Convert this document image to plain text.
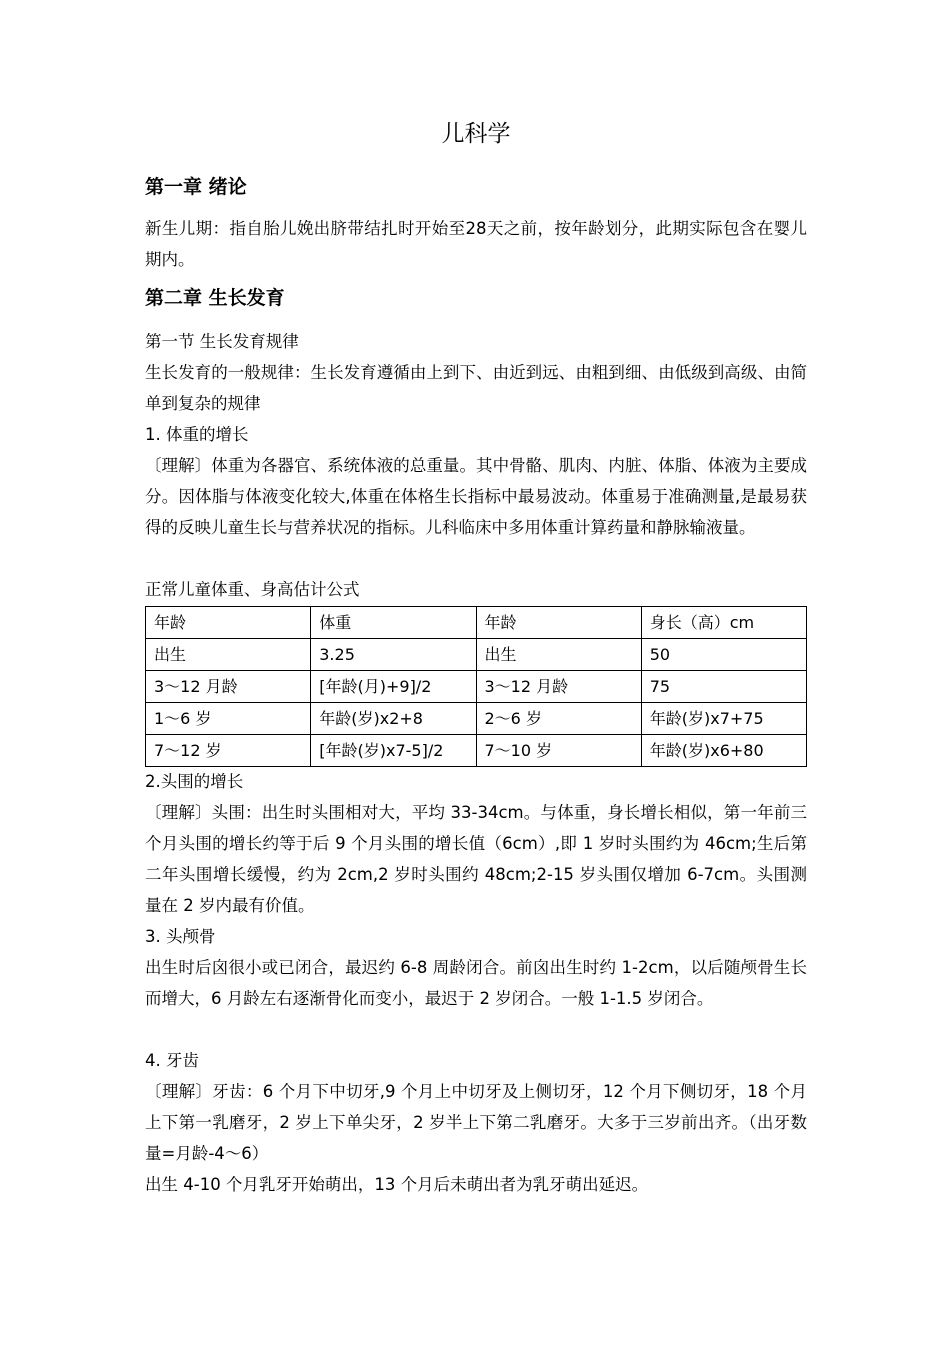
儿科学
第一章 绪论

新生儿期：指自胎儿娩出脐带结扎时开始至28天之前，按年龄划分，此期实际包含在婴儿期内。

第二章 生长发育
第一节 生长发育规律

生长发育的一般规律：生长发育遵循由上到下、由近到远、由粗到细、由低级到高级、由简单到复杂的规律

1. 体重的增长

〔理解〕体重为各器官、系统体液的总重量。其中骨骼、肌肉、内脏、体脂、体液为主要成分。因体脂与体液变化较大,体重在体格生长指标中最易波动。体重易于准确测量,是最易获得的反映儿童生长与营养状况的指标。儿科临床中多用体重计算药量和静脉输液量。

正常儿童体重、身高估计公式
年龄	体重	年龄	身长（高）cm
出生	3.25	出生	50
3～12 月龄	[年龄(月)+9]/2	3～12 月龄	75
1～6 岁	年龄(岁)x2+8	2～6 岁	年龄(岁)x7+75
7～12 岁	[年龄(岁)x7-5]/2	7～10 岁	年龄(岁)x6+80
2.头围的增长

〔理解〕头围：出生时头围相对大，平均 33-34cm。与体重，身长增长相似，第一年前三个月头围的增长约等于后 9 个月头围的增长值（6cm）,即 1 岁时头围约为 46cm;生后第二年头围增长缓慢，约为 2cm,2 岁时头围约 48cm;2-15 岁头围仅增加 6-7cm。头围测量在 2 岁内最有价值。

3. 头颅骨

出生时后囟很小或已闭合，最迟约 6-8 周龄闭合。前囟出生时约 1-2cm，以后随颅骨生长而增大，6 月龄左右逐渐骨化而变小，最迟于 2 岁闭合。一般 1-1.5 岁闭合。

4. 牙齿

〔理解〕牙齿：6 个月下中切牙,9 个月上中切牙及上侧切牙，12 个月下侧切牙，18 个月上下第一乳磨牙，2 岁上下单尖牙，2 岁半上下第二乳磨牙。大多于三岁前出齐。（出牙数量=月龄-4～6）

出生 4-10 个月乳牙开始萌出，13 个月后未萌出者为乳牙萌出延迟。
